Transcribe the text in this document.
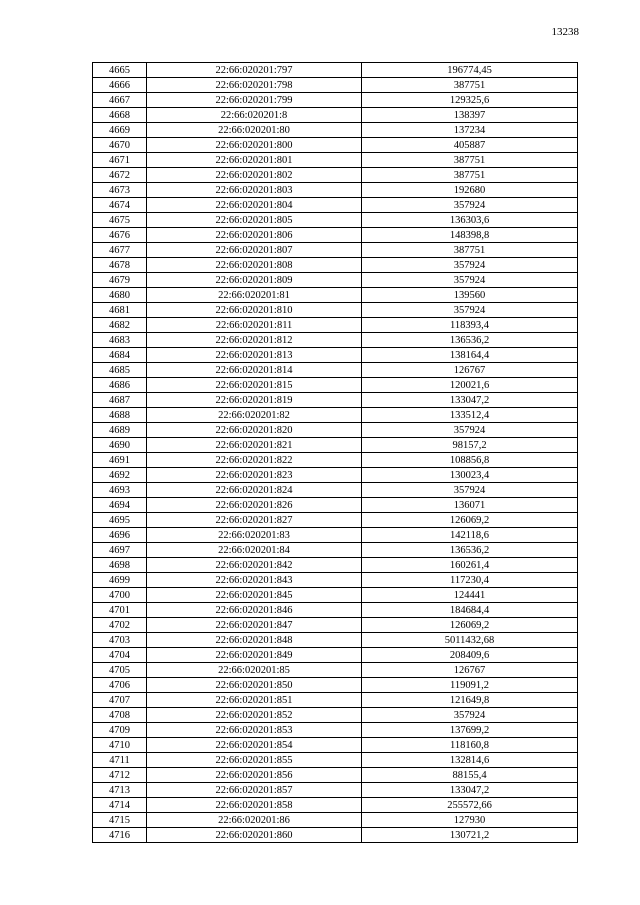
13238
4665	22:66:020201:797	196774,45
4666	22:66:020201:798	387751
4667	22:66:020201:799	129325,6
4668	22:66:020201:8	138397
4669	22:66:020201:80	137234
4670	22:66:020201:800	405887
4671	22:66:020201:801	387751
4672	22:66:020201:802	387751
4673	22:66:020201:803	192680
4674	22:66:020201:804	357924
4675	22:66:020201:805	136303,6
4676	22:66:020201:806	148398,8
4677	22:66:020201:807	387751
4678	22:66:020201:808	357924
4679	22:66:020201:809	357924
4680	22:66:020201:81	139560
4681	22:66:020201:810	357924
4682	22:66:020201:811	118393,4
4683	22:66:020201:812	136536,2
4684	22:66:020201:813	138164,4
4685	22:66:020201:814	126767
4686	22:66:020201:815	120021,6
4687	22:66:020201:819	133047,2
4688	22:66:020201:82	133512,4
4689	22:66:020201:820	357924
4690	22:66:020201:821	98157,2
4691	22:66:020201:822	108856,8
4692	22:66:020201:823	130023,4
4693	22:66:020201:824	357924
4694	22:66:020201:826	136071
4695	22:66:020201:827	126069,2
4696	22:66:020201:83	142118,6
4697	22:66:020201:84	136536,2
4698	22:66:020201:842	160261,4
4699	22:66:020201:843	117230,4
4700	22:66:020201:845	124441
4701	22:66:020201:846	184684,4
4702	22:66:020201:847	126069,2
4703	22:66:020201:848	5011432,68
4704	22:66:020201:849	208409,6
4705	22:66:020201:85	126767
4706	22:66:020201:850	119091,2
4707	22:66:020201:851	121649,8
4708	22:66:020201:852	357924
4709	22:66:020201:853	137699,2
4710	22:66:020201:854	118160,8
4711	22:66:020201:855	132814,6
4712	22:66:020201:856	88155,4
4713	22:66:020201:857	133047,2
4714	22:66:020201:858	255572,66
4715	22:66:020201:86	127930
4716	22:66:020201:860	130721,2
